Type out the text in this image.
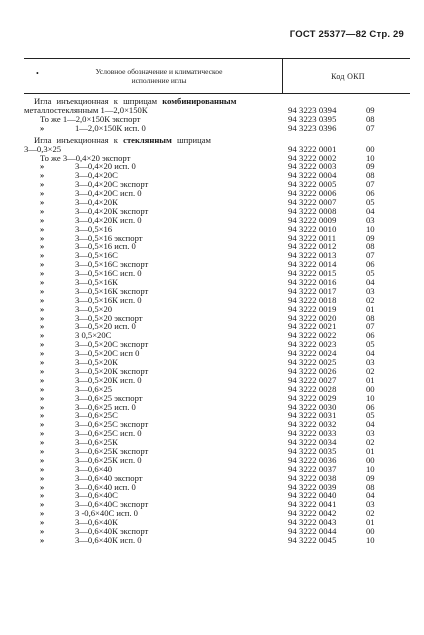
ГОСТ 25377—82 Стр. 29
•	Условное обозначение и климатическое
исполнение иглы	Код ОКП
Игла инъекционная к шприцам комбинированным
металлостеклянным 1—2,0×150К	94 3223 0394	09
То же 1—2,0×150К экспорт	94 3223 0395	08
»	1—2,0×150К исп. 0	94 3223 0396	07
Игла инъекционная к стеклянным шприцам
3—0,3×25	94 3222 0001	00
То же 3—0,4×20 экспорт	94 3222 0002	10
»	3—0,4×20 исп. 0	94 3222 0003	09
»	3—0,4×20С	94 3222 0004	08
»	3—0,4×20С экспорт	94 3222 0005	07
»	3—0,4×20С исп. 0	94 3222 0006	06
»	3—0,4×20К	94 3222 0007	05
»	3—0,4×20К экспорт	94 3222 0008	04
»	3—0,4×20К исп. 0	94 3222 0009	03
»	3—0,5×16	94 3222 0010	10
»	3—0,5×16 экспорт	94 3222 0011	09
»	3—0,5×16 исп. 0	94 3222 0012	08
»	3—0,5×16С	94 3222 0013	07
»	3—0,5×16С экспорт	94 3222 0014	06
»	3—0,5×16С исп. 0	94 3222 0015	05
»	3—0,5×16К	94 3222 0016	04
»	3—0,5×16К экспорт	94 3222 0017	03
»	3—0,5×16К исп. 0	94 3222 0018	02
»	3—0,5×20	94 3222 0019	01
»	3—0,5×20 экспорт	94 3222 0020	08
»	3—0,5×20 исп. 0	94 3222 0021	07
»	3 0,5×20С	94 3222 0022	06
»	3—0,5×20С экспорт	94 3222 0023	05
»	3—0,5×20С исп 0	94 3222 0024	04
»	3—0,5×20К	94 3222 0025	03
»	3—0,5×20К экспорт	94 3222 0026	02
»	3—0,5×20К исп. 0	94 3222 0027	01
»	3—0,6×25	94 3222 0028	00
»	3—0,6×25 экспорт	94 3222 0029	10
»	3—0,6×25 исп. 0	94 3222 0030	06
»	3—0,6×25С	94 3222 0031	05
»	3—0,6×25С экспорт	94 3222 0032	04
»	3—0,6×25С исп. 0	94 3222 0033	03
»	3—0,6×25К	94 3222 0034	02
»	3—0,6×25К экспорт	94 3222 0035	01
»	3—0,6×25К исп. 0	94 3222 0036	00
»	3—0,6×40	94 3222 0037	10
»	3—0,6×40 экспорт	94 3222 0038	09
»	3—0,6×40 исп. 0	94 3222 0039	08
»	3—0,6×40С	94 3222 0040	04
»	3—0,6×40С экспорт	94 3222 0041	03
»	3 -0,6×40С исп. 0	94 3222 0042	02
»	3—0,6×40К	94 3222 0043	01
»	3—0,6×40К экспорт	94 3222 0044	00
»	3—0,6×40К исп. 0	94 3222 0045	10
